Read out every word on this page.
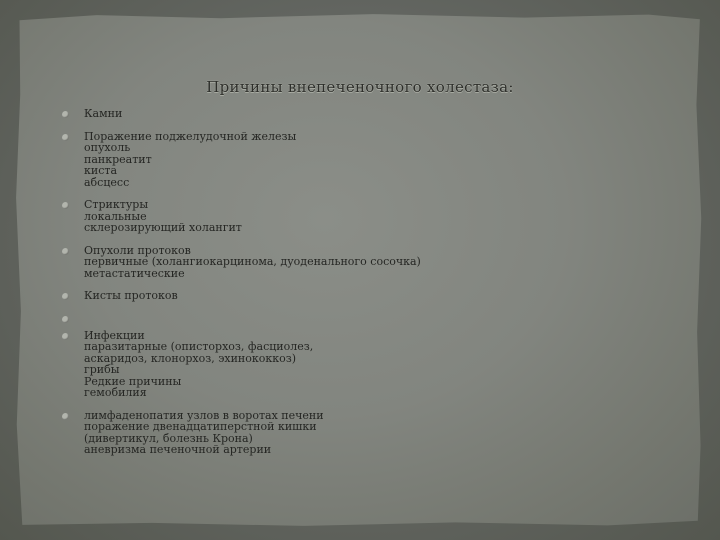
Причины внепеченочного холестаза:
Камни
Поражение поджелудочной железы
опухоль
панкреатит
киста
абсцесс
Стриктуры
локальные
склерозирующий холангит
Опухоли протоков
первичные (холангиокарцинома, дуоденального сосочка)
метастатические
Кисты протоков
Инфекции
паразитарные (описторхоз, фасциолез,
аскаридоз, клонорхоз, эхинококкоз)
грибы
Редкие причины
гемобилия
лимфаденопатия узлов в воротах печени
поражение двенадцатиперстной кишки
(дивертикул, болезнь Крона)
аневризма печеночной артерии
